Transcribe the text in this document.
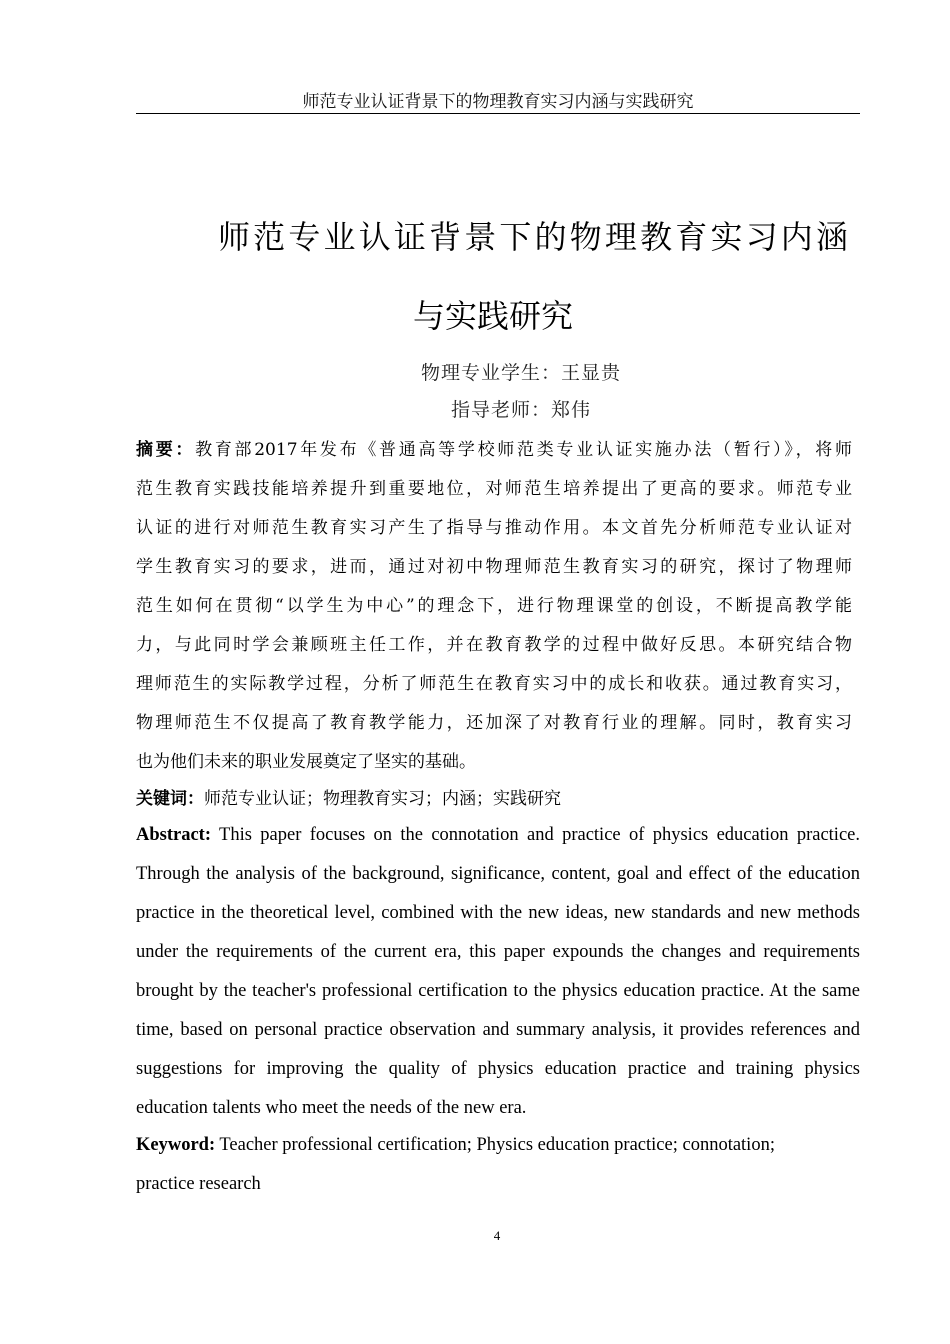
师范专业认证背景下的物理教育实习内涵与实践研究
师范专业认证背景下的物理教育实习内涵
与实践研究
物理专业学生：王显贵
指导老师：郑伟
摘要：教育部2017年发布《普通高等学校师范类专业认证实施办法（暂行）》，将师
范生教育实践技能培养提升到重要地位，对师范生培养提出了更高的要求。师范专业
认证的进行对师范生教育实习产生了指导与推动作用。本文首先分析师范专业认证对
学生教育实习的要求，进而，通过对初中物理师范生教育实习的研究，探讨了物理师
范生如何在贯彻“以学生为中心”的理念下，进行物理课堂的创设，不断提高教学能
力，与此同时学会兼顾班主任工作，并在教育教学的过程中做好反思。本研究结合物
理师范生的实际教学过程，分析了师范生在教育实习中的成长和收获。通过教育实习，
物理师范生不仅提高了教育教学能力，还加深了对教育行业的理解。同时，教育实习
也为他们未来的职业发展奠定了坚实的基础。
关键词：师范专业认证；物理教育实习；内涵；实践研究
Abstract: This paper focuses on the connotation and practice of physics education practice.
Through the analysis of the background, significance, content, goal and effect of the education
practice in the theoretical level, combined with the new ideas, new standards and new methods
under the requirements of the current era, this paper expounds the changes and requirements
brought by the teacher's professional certification to the physics education practice. At the same
time, based on personal practice observation and summary analysis, it provides references and
suggestions for improving the quality of physics education practice and training physics
education talents who meet the needs of the new era.
Keyword: Teacher professional certification; Physics education practice; connotation;
practice research
4
